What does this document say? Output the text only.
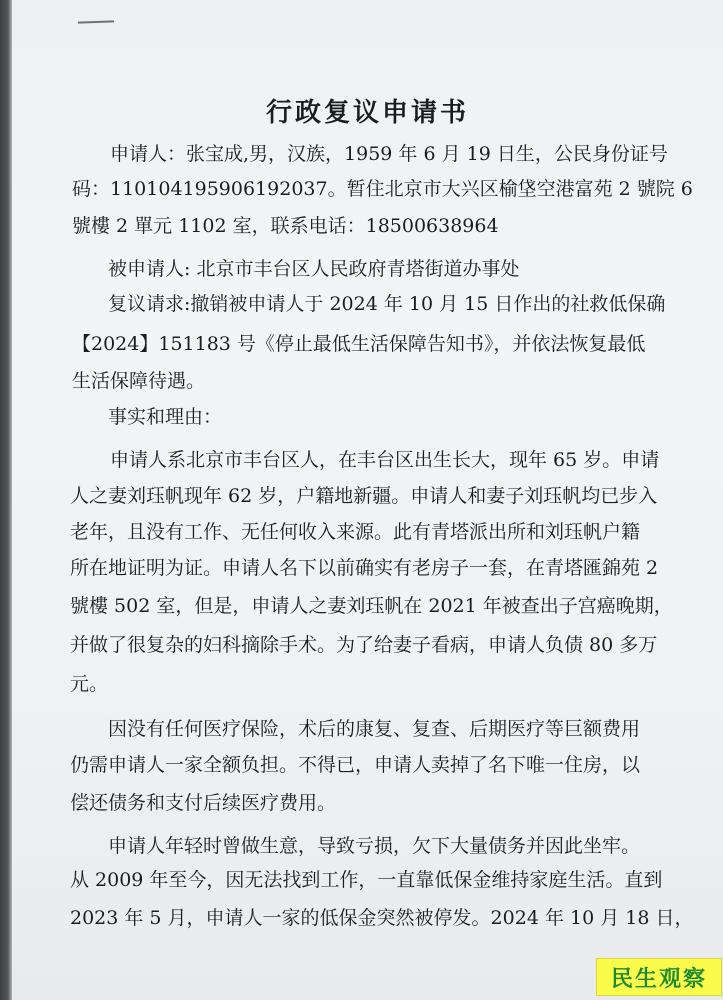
行政复议申请书
申请人：张宝成,男，汉族，1959 年 6 月 19 日生，公民身份证号
码：110104195906192037。暂住北京市大兴区榆垡空港富苑 2 號院 6
號樓 2 單元 1102 室，联系电话：18500638964
被申请人: 北京市丰台区人民政府青塔街道办事处
复议请求:撤销被申请人于 2024 年 10 月 15 日作出的社救低保确
【2024】151183 号《停止最低生活保障告知书》，并依法恢复最低
生活保障待遇。
事实和理由：
申请人系北京市丰台区人，在丰台区出生长大，现年 65 岁。申请
人之妻刘珏帆现年 62 岁，户籍地新疆。申请人和妻子刘珏帆均已步入
老年，且没有工作、无任何收入来源。此有青塔派出所和刘珏帆户籍
所在地证明为证。申请人名下以前确实有老房子一套，在青塔匯錦苑 2
號樓 502 室，但是，申请人之妻刘珏帆在 2021 年被查出子宫癌晚期，
并做了很复杂的妇科摘除手术。为了给妻子看病，申请人负债 80 多万
元。
因没有任何医疗保险，术后的康复、复查、后期医疗等巨额费用
仍需申请人一家全额负担。不得已，申请人卖掉了名下唯一住房，以
偿还债务和支付后续医疗费用。
申请人年轻时曾做生意，导致亏损，欠下大量债务并因此坐牢。
从 2009 年至今，因无法找到工作，一直靠低保金维持家庭生活。直到
2023 年 5 月，申请人一家的低保金突然被停发。2024 年 10 月 18 日，
民生观察
